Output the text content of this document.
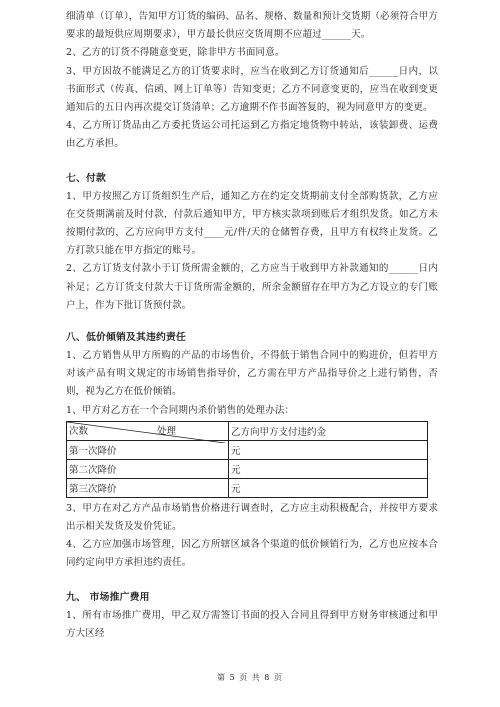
细清单（订单），告知甲方订货的编码、品名、规格、数量和预计交货期（必须符合甲方要求的最短供应周期要求），甲方最长供应交货周期不应超过______天。

2、乙方的订货不得随意变更，除非甲方书面同意。

3、甲方因故不能满足乙方的订货要求时，应当在收到乙方订货通知后______日内，以书面形式（传真、信函、网上订单等）告知变更；乙方不同意变更的，应当在收到变更通知后的五日内再次提交订货清单；乙方逾期不作书面答复的，视为同意甲方的变更。

4、乙方所订货品由乙方委托货运公司托运到乙方指定地货物中转站，该装卸费、运费由乙方承担。

七、付款

1、甲方按照乙方订货组织生产后，通知乙方在约定交货期前支付全部购货款，乙方应在交货期满前及时付款，付款后通知甲方，甲方核实款项到账后才组织发货。如乙方未按期付款的，乙方应向甲方支付____元/件/天的仓储暂存费，且甲方有权终止发货。乙方打款只能在甲方指定的账号。

2、乙方订货支付款小于订货所需金额的，乙方应当于收到甲方补款通知的______日内补足；乙方订货支付款大于订货所需金额的，所余金额留存在甲方为乙方设立的专门账户上，作为下批订货预付款。

八、低价倾销及其违约责任

1、乙方销售从甲方所购的产品的市场售价，不得低于销售合同中的购进价，但若甲方对该产品有明文规定的市场销售指导价，乙方需在甲方产品指导价之上进行销售，否则，视为乙方在低价倾销。

1、甲方对乙方在一个合同期内杀价销售的处理办法：

次数 处理	乙方向甲方支付违约金
第一次降价	元
第二次降价	元
第三次降价	元

3、甲方在对乙方产品市场销售价格进行调查时，乙方应主动积极配合，并按甲方要求出示相关发货及发价凭证。

4、乙方应加强市场管理，因乙方所辖区域各个渠道的低价倾销行为，乙方也应按本合同约定向甲方承担违约责任。

九、 市场推广费用

1、所有市场推广费用，甲乙双方需签订书面的投入合同且得到甲方财务审核通过和甲方大区经

第 5 页 共 8 页
